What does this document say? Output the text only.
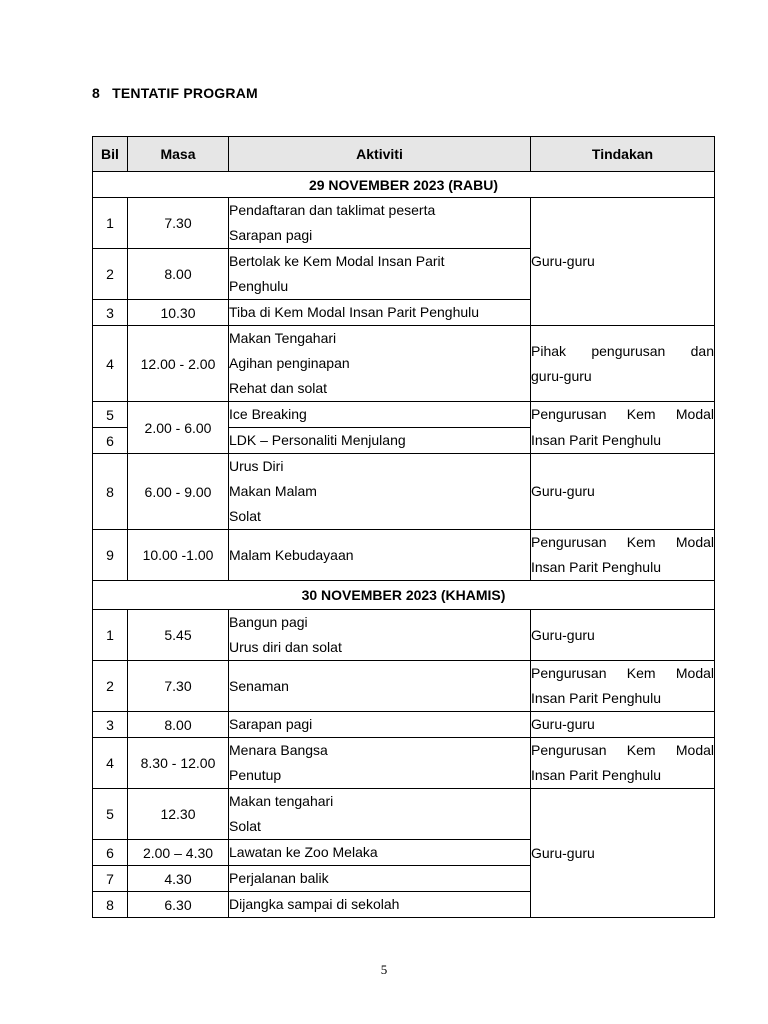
8 TENTATIF PROGRAM
Bil	Masa	Aktiviti	Tindakan
29 NOVEMBER 2023 (RABU)			
1	7.30	Pendaftaran dan taklimat peserta
Sarapan pagi	Guru-guru
2	8.00	Bertolak ke Kem Modal Insan Parit
Penghulu	

3	10.30	Tiba di Kem Modal Insan Parit Penghulu	
4	12.00 - 2.00	Makan Tengahari
Agihan penginapan
Rehat dan solat	Pihak pengurusan dan
guru-guru

5	2.00 - 6.00	Ice Breaking	Pengurusan Kem Modal

6		LDK – Personaliti Menjulang	Insan Parit Penghulu
8	6.00 - 9.00	Urus Diri
Makan Malam
Solat	Guru-guru
9	10.00 -1.00	Malam Kebudayaan	Pengurusan Kem Modal
Insan Parit Penghulu

30 NOVEMBER 2023 (KHAMIS)			
1	5.45	Bangun pagi
Urus diri dan solat	Guru-guru
2	7.30	Senaman	Pengurusan Kem Modal
Insan Parit Penghulu

3	8.00	Sarapan pagi	Guru-guru
4	8.30 - 12.00	Menara Bangsa
Penutup	Pengurusan Kem Modal
Insan Parit Penghulu

5	12.30	Makan tengahari
Solat	Guru-guru
6	2.00 – 4.30	Lawatan ke Zoo Melaka	
7	4.30	Perjalanan balik	
8	6.30	Dijangka sampai di sekolah	
5
